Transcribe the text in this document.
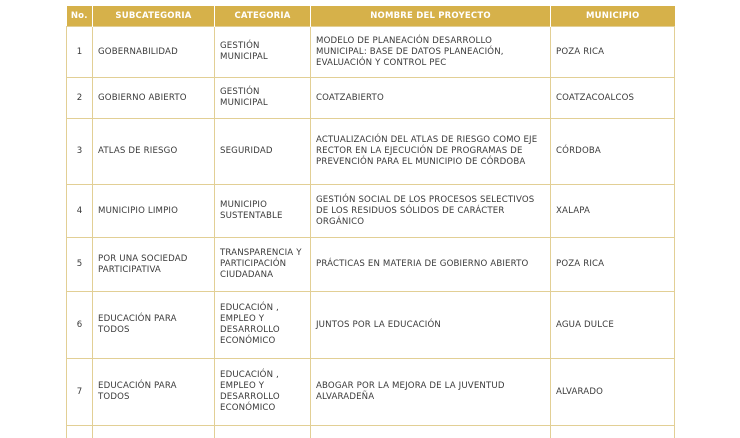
No.	SUBCATEGORIA	CATEGORIA	NOMBRE DEL PROYECTO	MUNICIPIO
1	GOBERNABILIDAD	GESTIÓN MUNICIPAL	MODELO DE PLANEACIÓN DESARROLLO MUNICIPAL: BASE DE DATOS PLANEACIÓN, EVALUACIÓN Y CONTROL PEC	POZA RICA
2	GOBIERNO ABIERTO	GESTIÓN MUNICIPAL	COATZABIERTO	COATZACOALCOS
3	ATLAS DE RIESGO	SEGURIDAD	ACTUALIZACIÓN DEL ATLAS DE RIESGO COMO EJE RECTOR EN LA EJECUCIÓN DE PROGRAMAS DE PREVENCIÓN PARA EL MUNICIPIO DE CÓRDOBA	CÓRDOBA
4	MUNICIPIO LIMPIO	MUNICIPIO SUSTENTABLE	GESTIÓN SOCIAL DE LOS PROCESOS SELECTIVOS DE LOS RESIDUOS SÓLIDOS DE CARÁCTER ORGÁNICO	XALAPA
5	POR UNA SOCIEDAD PARTICIPATIVA	TRANSPARENCIA Y PARTICIPACIÓN CIUDADANA	PRÁCTICAS EN MATERIA DE GOBIERNO ABIERTO	POZA RICA
6	EDUCACIÓN PARA TODOS	EDUCACIÓN , EMPLEO Y DESARROLLO ECONÓMICO	JUNTOS POR LA EDUCACIÓN	AGUA DULCE
7	EDUCACIÓN PARA TODOS	EDUCACIÓN , EMPLEO Y DESARROLLO ECONÓMICO	ABOGAR POR LA MEJORA DE LA JUVENTUD ALVARADEÑA	ALVARADO
